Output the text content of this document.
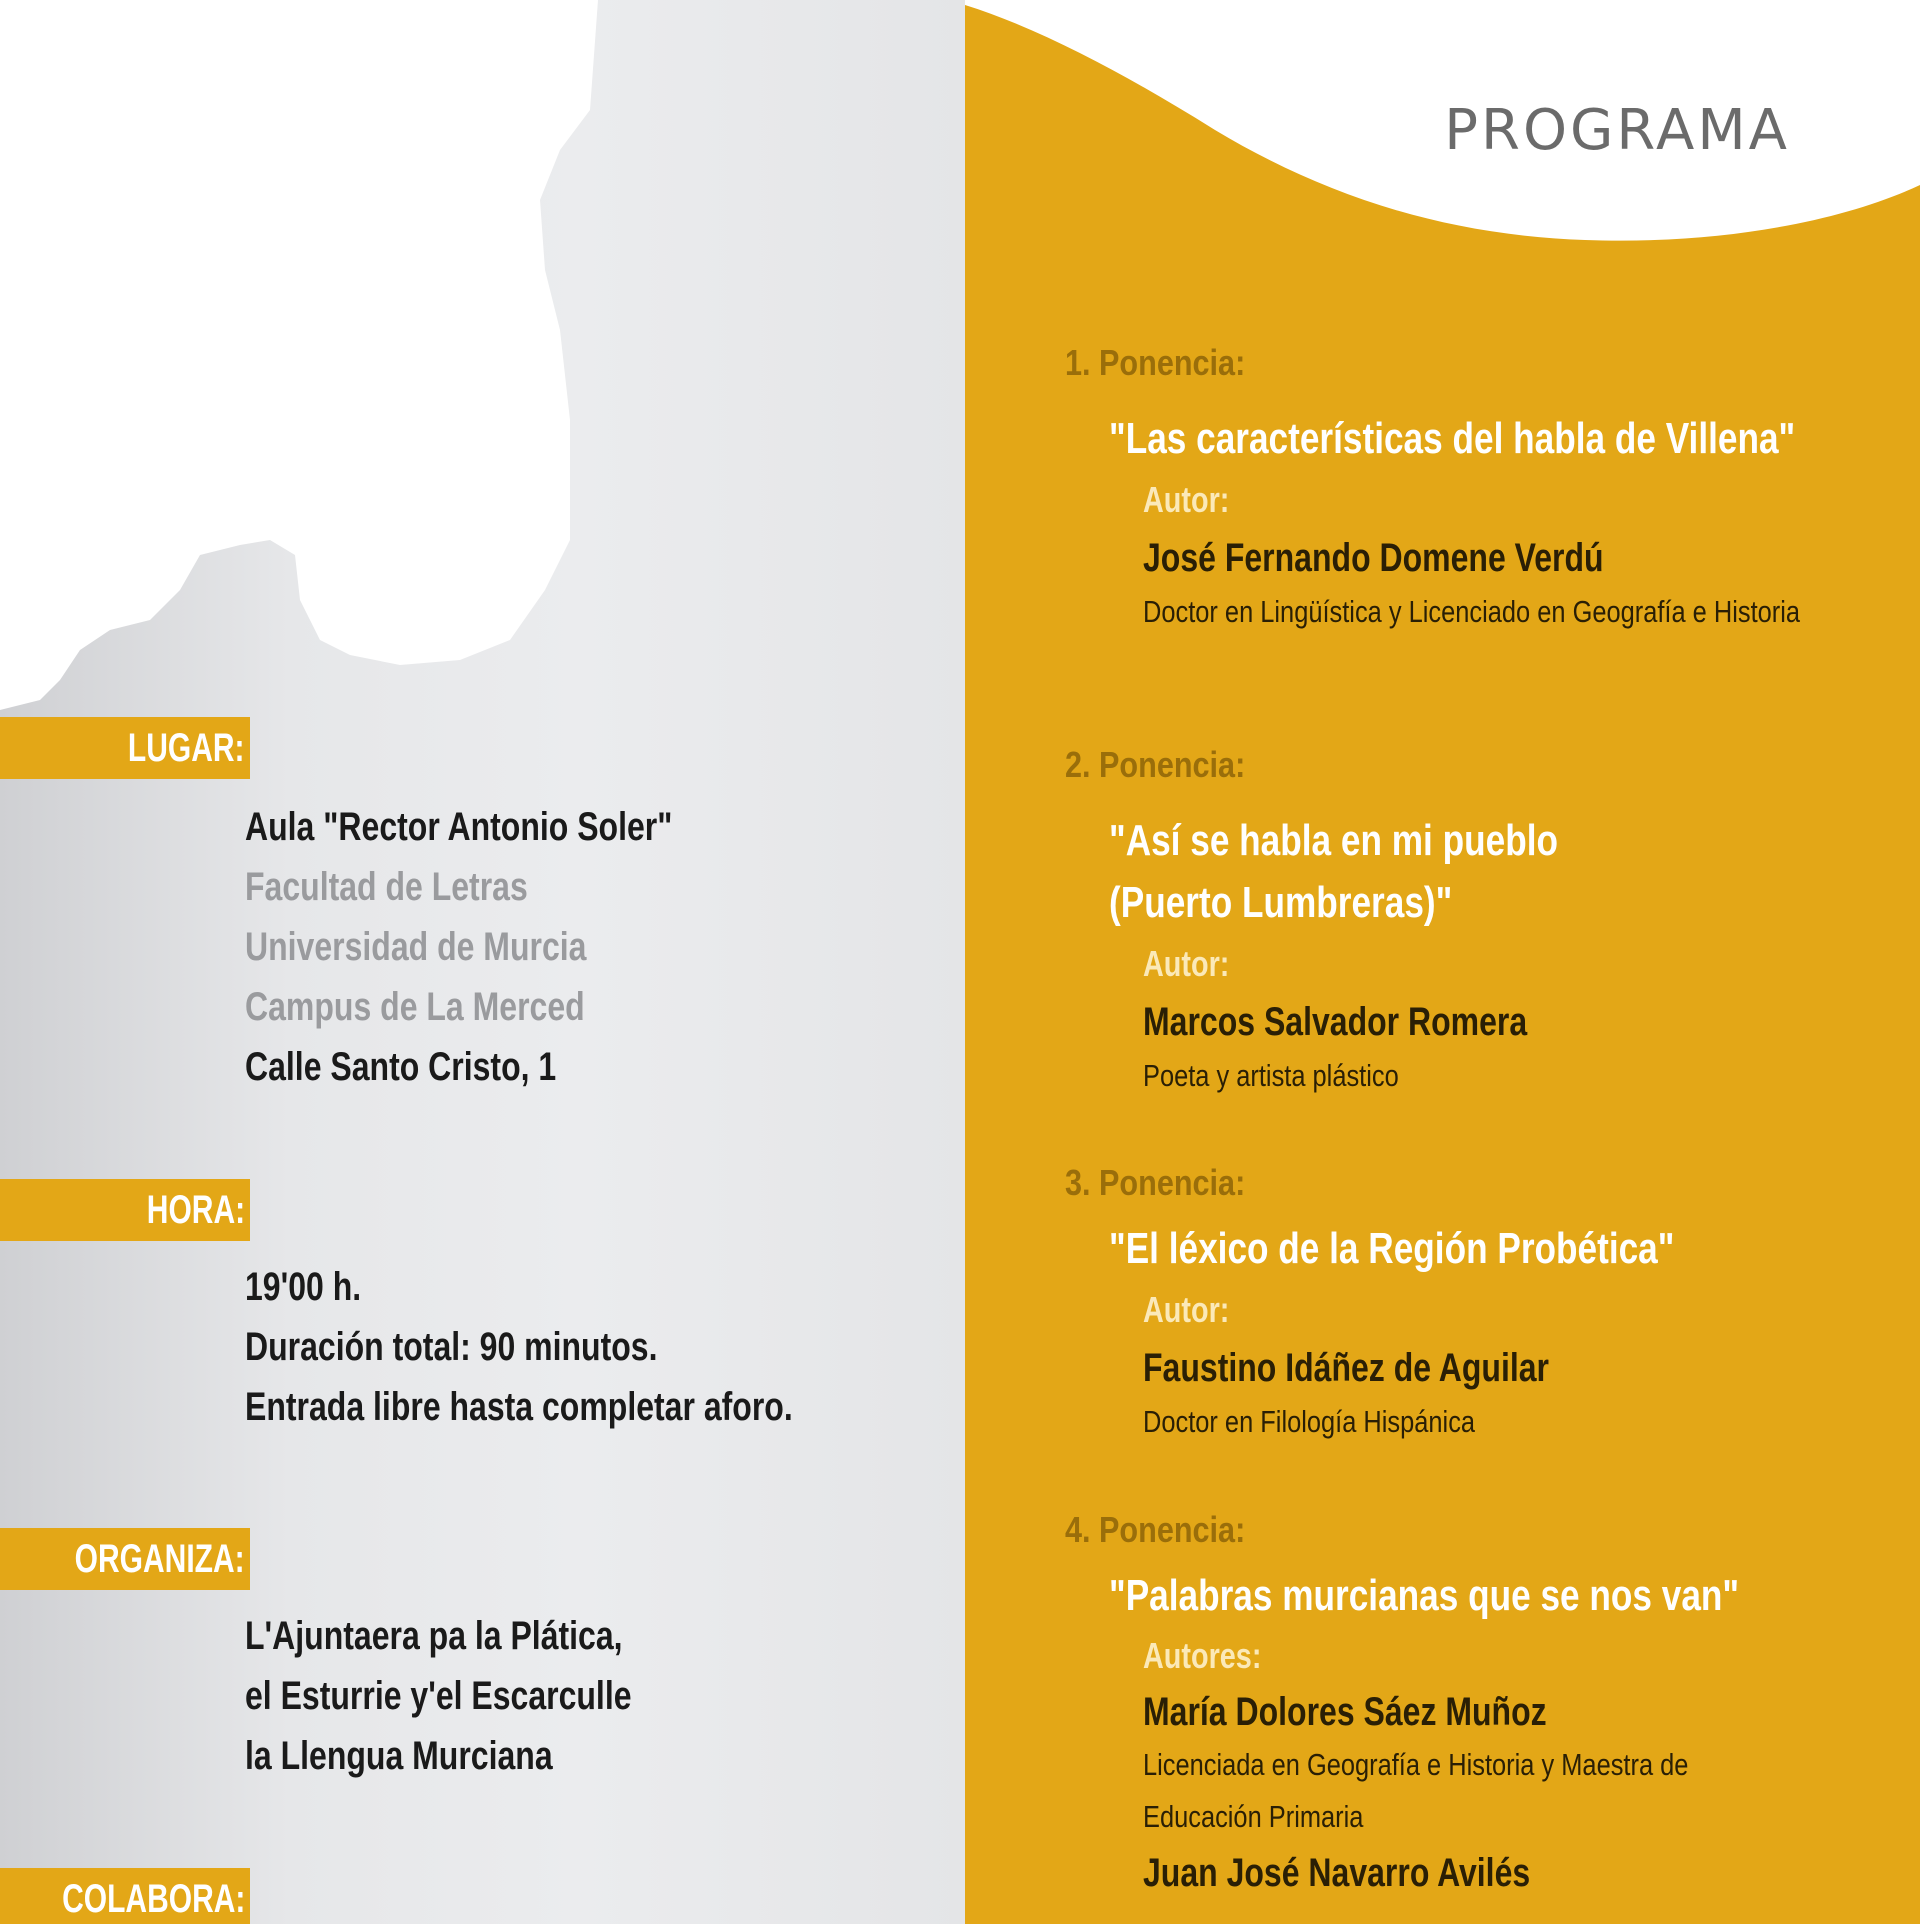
LUGAR:
Aula "Rector Antonio Soler"
Facultad de Letras
Universidad de Murcia
Campus de La Merced
Calle Santo Cristo, 1
HORA:
19'00 h.
Duración total: 90 minutos.
Entrada libre hasta completar aforo.
ORGANIZA:
L'Ajuntaera pa la Plática,
el Esturrie y'el Escarculle
la Llengua Murciana
COLABORA:
PROGRAMA
1. Ponencia:
"Las características del habla de Villena"
Autor:
José Fernando Domene Verdú
Doctor en Lingüística y Licenciado en Geografía e Historia
2. Ponencia:
"Así se habla en mi pueblo (Puerto Lumbreras)"
Autor:
Marcos Salvador Romera
Poeta y artista plástico
3. Ponencia:
"El léxico de la Región Probética"
Autor:
Faustino Idáñez de Aguilar
Doctor en Filología Hispánica
4. Ponencia:
"Palabras murcianas que se nos van"
Autores:
María Dolores Sáez Muñoz
Licenciada en Geografía e Historia y Maestra de Educación Primaria
Juan José Navarro Avilés
